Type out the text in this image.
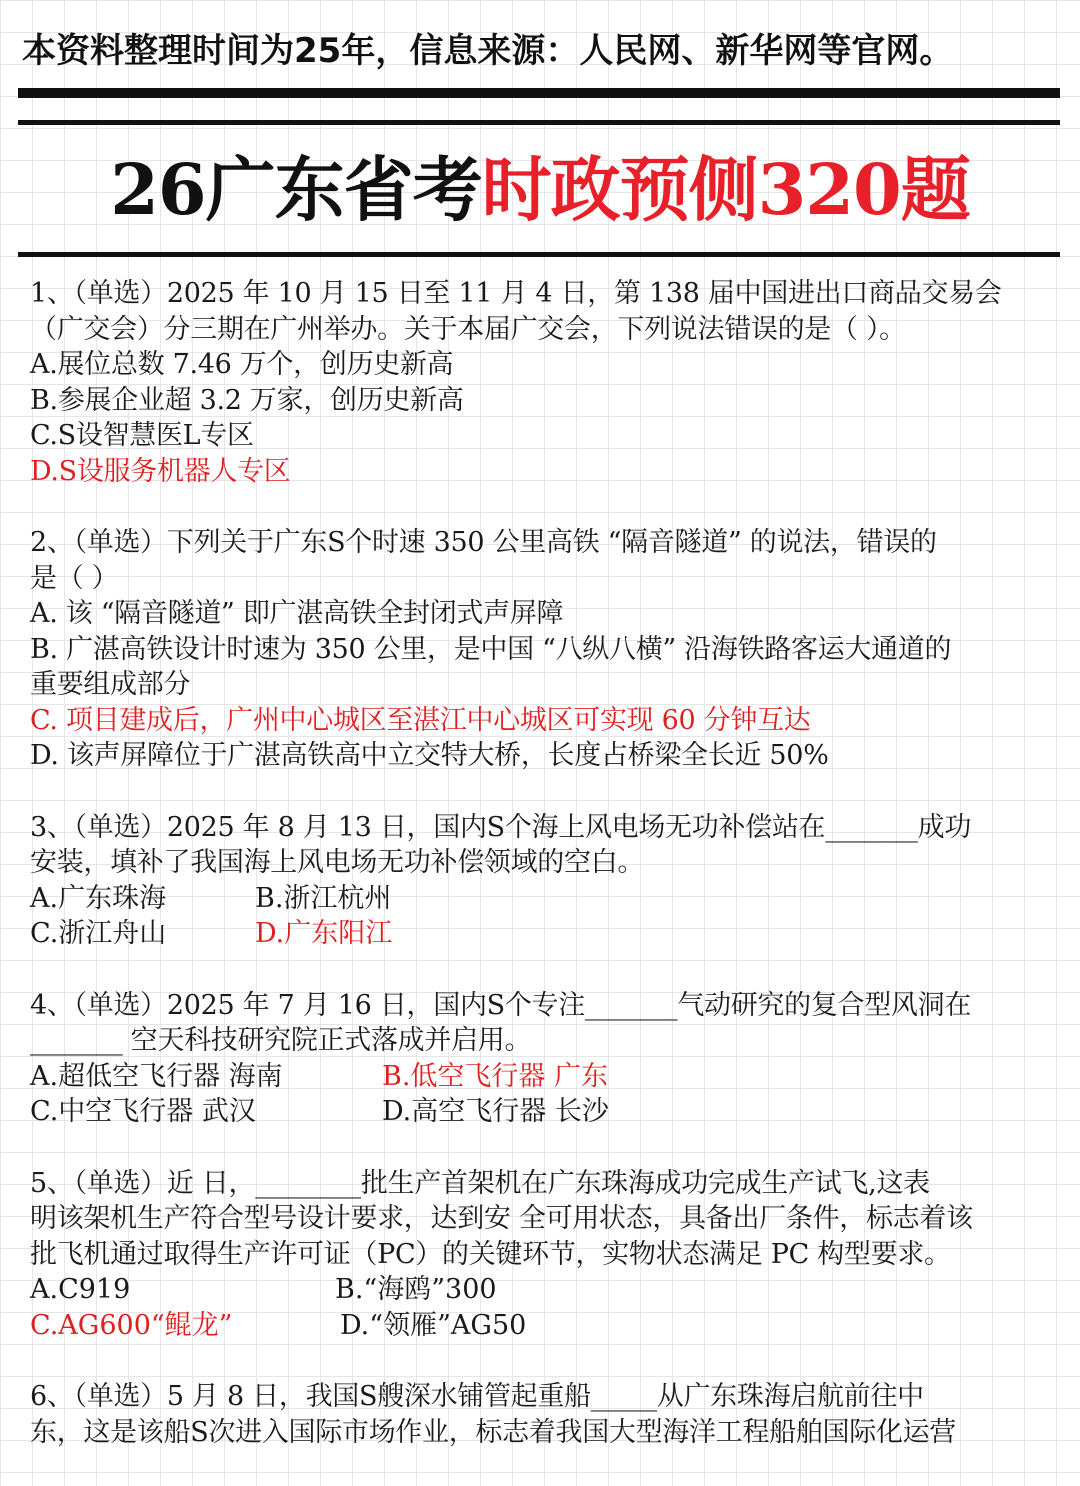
本资料整理时间为25年，信息来源：人民网、新华网等官网。
26广东省考时政预侧320题
1、（单选）2025 年 10 月 15 日至 11 月 4 日，第 138 届中国进出口商品交易会
（广交会）分三期在广州举办。关于本届广交会，下列说法错误的是（ ）。
A.展位总数 7.46 万个，创历史新高
B.参展企业超 3.2 万家，创历史新高
C.S设智慧医L专区
D.S设服务机器人专区
2、（单选）下列关于广东S个时速 350 公里高铁 “隔音隧道” 的说法，错误的
是（ ）
A. 该 “隔音隧道” 即广湛高铁全封闭式声屏障
B. 广湛高铁设计时速为 350 公里，是中国 “八纵八横” 沿海铁路客运大通道的
重要组成部分
C. 项目建成后，广州中心城区至湛江中心城区可实现 60 分钟互达
D. 该声屏障位于广湛高铁高中立交特大桥，长度占桥梁全长近 50%
3、（单选）2025 年 8 月 13 日，国内S个海上风电场无功补偿站在_______成功
安装，填补了我国海上风电场无功补偿领域的空白。
A.广东珠海	B.浙江杭州
C.浙江舟山	D.广东阳江
4、（单选）2025 年 7 月 16 日，国内S个专注_______气动研究的复合型风洞在
_______ 空天科技研究院正式落成并启用。
A.超低空飞行器 海南	B.低空飞行器 广东
C.中空飞行器 武汉	D.高空飞行器 长沙
5、（单选）近 日，________批生产首架机在广东珠海成功完成生产试飞,这表
明该架机生产符合型号设计要求，达到安 全可用状态，具备出厂条件，标志着该
批飞机通过取得生产许可证（PC）的关键环节，实物状态满足 PC 构型要求。
A.C919	B.“海鸥”300
C.AG600“鲲龙”	D.“领雁”AG50
6、（单选）5 月 8 日，我国S艘深水铺管起重船_____从广东珠海启航前往中
东，这是该船S次进入国际市场作业，标志着我国大型海洋工程船舶国际化运营
